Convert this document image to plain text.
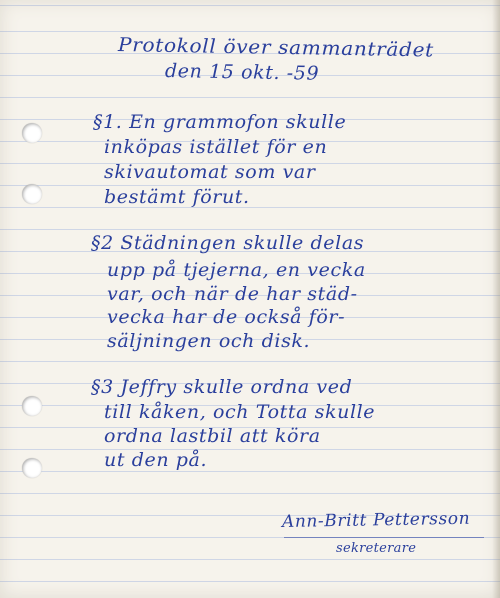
Protokoll över sammanträdet
den 15 okt. -59
§1. En grammofon skulle
inköpas istället för en
skivautomat som var
bestämt förut.
§2 Städningen skulle delas
upp på tjejerna, en vecka
var, och när de har städ-
vecka har de också för-
säljningen och disk.
§3 Jeffry skulle ordna ved
till kåken, och Totta skulle
ordna lastbil att köra
ut den på.
Ann-Britt Pettersson
sekreterare
